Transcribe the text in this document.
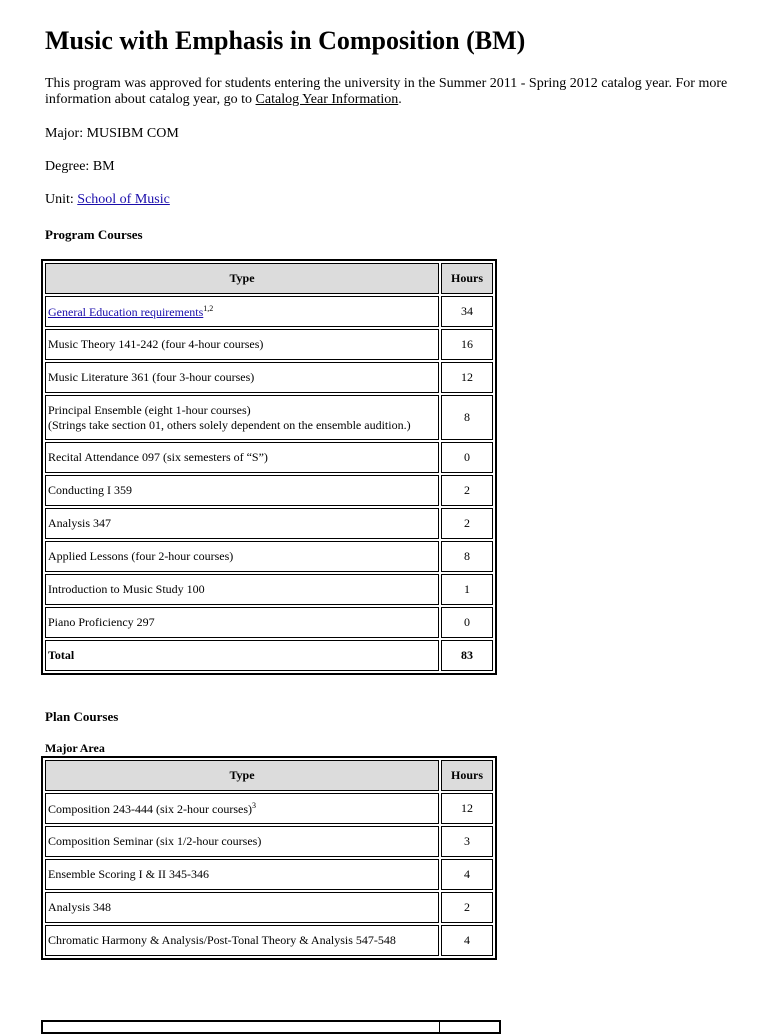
Music with Emphasis in Composition (BM)

This program was approved for students entering the university in the Summer 2011 - Spring 2012 catalog year. For more information about catalog year, go to Catalog Year Information.

Major: MUSIBM COM

Degree: BM

Unit: School of Music

Program Courses

Type	Hours
General Education requirements$^{1,2}$	34
Music Theory 141-242 (four 4-hour courses)	16
Music Literature 361 (four 3-hour courses)	12
Principal Ensemble (eight 1-hour courses)
(Strings take section 01, others solely dependent on the ensemble audition.)	8
Recital Attendance 097 (six semesters of “S”)	0
Conducting I 359	2
Analysis 347	2
Applied Lessons (four 2-hour courses)	8
Introduction to Music Study 100	1
Piano Proficiency 297	0
Total	83

Plan Courses

Major Area

Type	Hours
Composition 243-444 (six 2-hour courses)$^3$	12
Composition Seminar (six 1/2-hour courses)	3
Ensemble Scoring I & II 345-346	4
Analysis 348	2
Chromatic Harmony & Analysis/Post-Tonal Theory & Analysis 547-548	4
